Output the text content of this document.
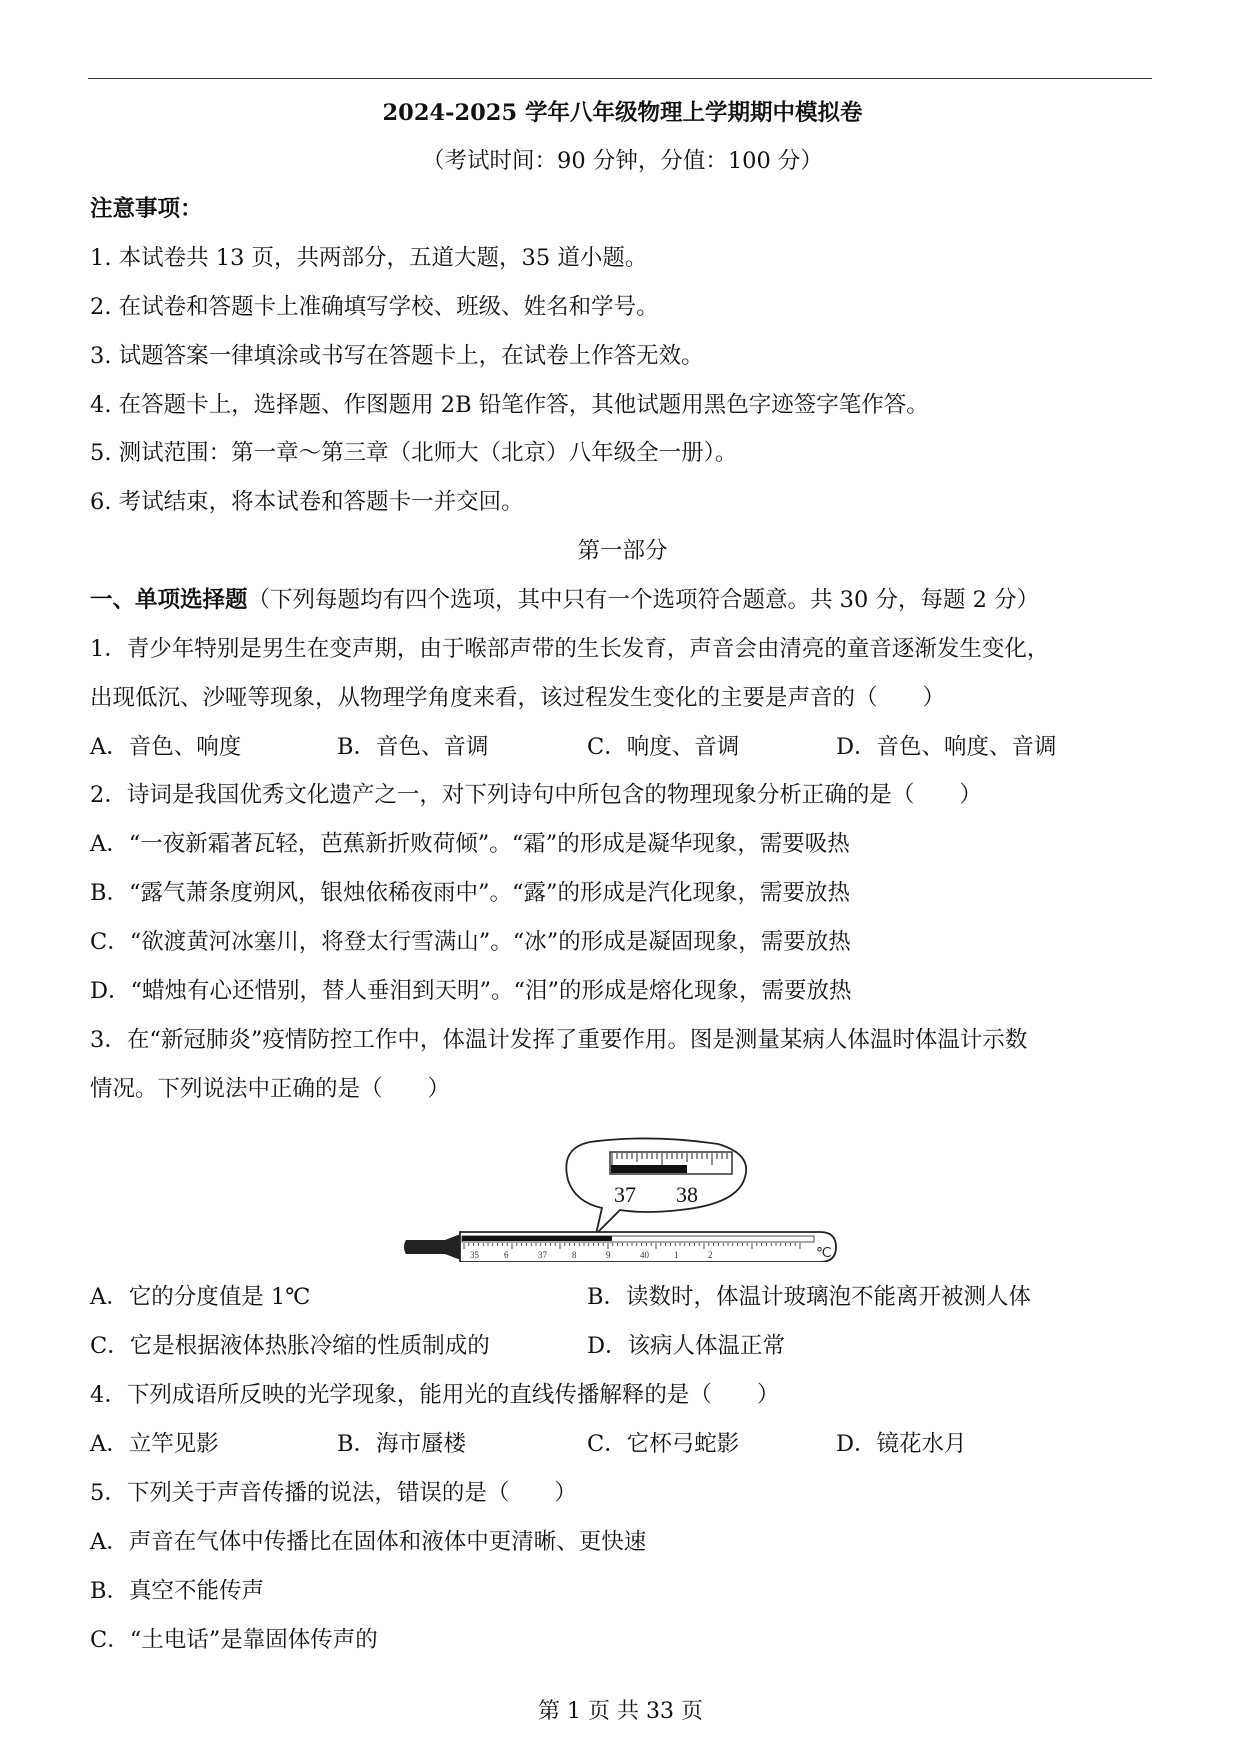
2024-2025 学年八年级物理上学期期中模拟卷
（考试时间：90 分钟，分值：100 分）
注意事项：
1. 本试卷共 13 页，共两部分，五道大题，35 道小题。
2. 在试卷和答题卡上准确填写学校、班级、姓名和学号。
3. 试题答案一律填涂或书写在答题卡上，在试卷上作答无效。
4. 在答题卡上，选择题、作图题用 2B 铅笔作答，其他试题用黑色字迹签字笔作答。
5. 测试范围：第一章～第三章（北师大（北京）八年级全一册）。
6. 考试结束，将本试卷和答题卡一并交回。
第一部分
一、单项选择题（下列每题均有四个选项，其中只有一个选项符合题意。共 30 分，每题 2 分）
1．青少年特别是男生在变声期，由于喉部声带的生长发育，声音会由清亮的童音逐渐发生变化，
出现低沉、沙哑等现象，从物理学角度来看，该过程发生变化的主要是声音的（　　）
A．音色、响度	B．音色、音调	C．响度、音调	D．音色、响度、音调
2．诗词是我国优秀文化遗产之一，对下列诗句中所包含的物理现象分析正确的是（　　）
A．“一夜新霜著瓦轻，芭蕉新折败荷倾”。“霜”的形成是凝华现象，需要吸热
B．“露气萧条度朔风，银烛依稀夜雨中”。“露”的形成是汽化现象，需要放热
C．“欲渡黄河冰塞川，将登太行雪满山”。“冰”的形成是凝固现象，需要放热
D．“蜡烛有心还惜别，替人垂泪到天明”。“泪”的形成是熔化现象，需要放热
3．在“新冠肺炎”疫情防控工作中，体温计发挥了重要作用。图是测量某病人体温时体温计示数
情况。下列说法中正确的是（　　）
37 38
35	6	37	8	9	40	1	2	℃
A．它的分度值是 1℃	B．读数时，体温计玻璃泡不能离开被测人体
C．它是根据液体热胀冷缩的性质制成的	D．该病人体温正常
4．下列成语所反映的光学现象，能用光的直线传播解释的是（　　）
A．立竿见影	B．海市蜃楼	C．它杯弓蛇影	D．镜花水月
5．下列关于声音传播的说法，错误的是（　　）
A．声音在气体中传播比在固体和液体中更清晰、更快速
B．真空不能传声
C．“土电话”是靠固体传声的
第 1 页 共 33 页
